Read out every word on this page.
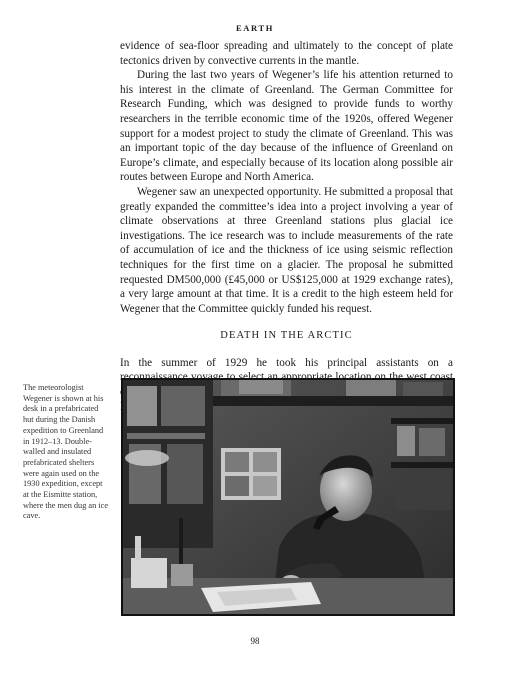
EARTH

evidence of sea-floor spreading and ultimately to the concept of plate tectonics driven by convective currents in the mantle.

During the last two years of Wegener’s life his attention returned to his interest in the climate of Greenland. The German Committee for Research Funding, which was designed to provide funds to worthy researchers in the terrible economic time of the 1920s, offered Wegener support for a modest project to study the climate of Greenland. This was an important topic of the day because of the influence of Greenland on Europe’s climate, and especially because of its location along possible air routes between Europe and North America.

Wegener saw an unexpected opportunity. He submitted a proposal that greatly expanded the committee’s idea into a project involving a year of climate observations at three Greenland stations plus glacial ice investigations. The ice research was to include measurements of the rate of accumulation of ice and the thickness of ice using seismic reflection techniques for the first time on a glacier. The proposal he submitted requested DM500,000 (£45,000 or US$125,000 at 1929 exchange rates), a very large amount at that time. It is a credit to the high esteem held for Wegener that the Committee quickly funded his request.

DEATH IN THE ARCTIC

In the summer of 1929 he took his principal assistants on a

The meteorologist Wegener is shown at his desk in a prefabricated hut during the Danish expedition to Greenland in 1912–13. Double-walled and insulated prefabricated shelters were again used on the 1930 expedition, except at the Eismitte station, where the men dug an ice cave.
98
